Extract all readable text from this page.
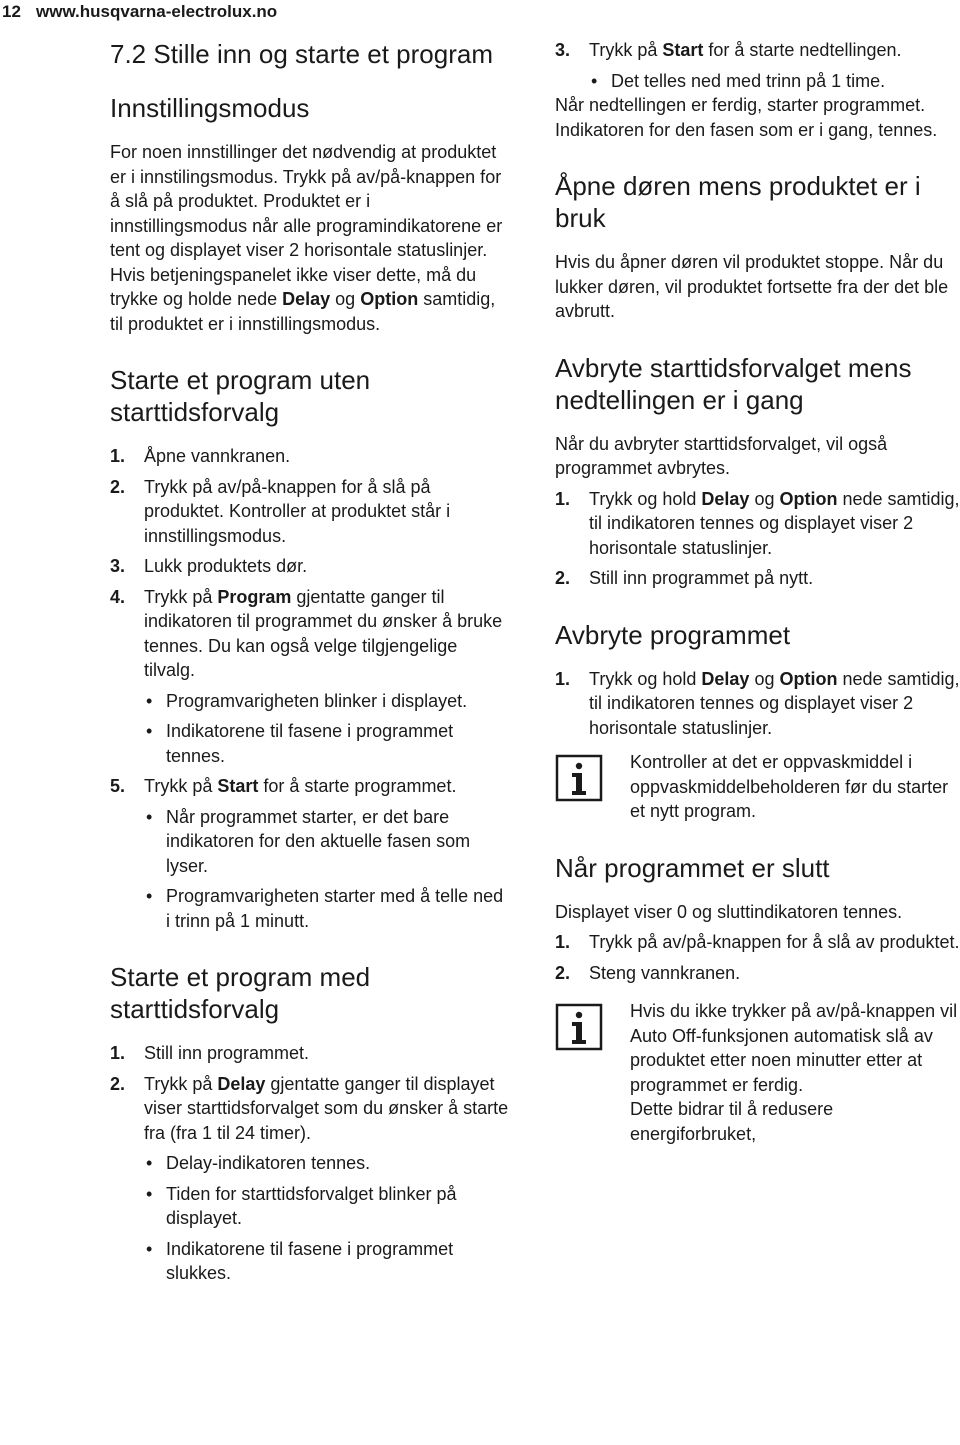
12 www.husqvarna-electrolux.no
7.2 Stille inn og starte et program
Innstillingsmodus

For noen innstillinger det nødvendig at produktet er i innstilingsmodus. Trykk på av/på-knappen for å slå på produktet. Produktet er i innstillingsmodus når alle programindikatorene er tent og displayet viser 2 horisontale statuslinjer. Hvis betjeningspanelet ikke viser dette, må du trykke og holde nede Delay og Option samtidig, til produktet er i innstillingsmodus.

Starte et program uten starttidsforvalg
1. Åpne vannkranen.
2. Trykk på av/på-knappen for å slå på produktet. Kontroller at produktet står i innstillingsmodus.
3. Lukk produktets dør.
4. Trykk på Program gjentatte ganger til indikatoren til programmet du ønsker å bruke tennes. Du kan også velge tilgjengelige tilvalg.
• Programvarigheten blinker i displayet.
• Indikatorene til fasene i programmet tennes.
5. Trykk på Start for å starte programmet.
• Når programmet starter, er det bare indikatoren for den aktuelle fasen som lyser.
• Programvarigheten starter med å telle ned i trinn på 1 minutt.
Starte et program med starttidsforvalg
1. Still inn programmet.
2. Trykk på Delay gjentatte ganger til displayet viser starttidsforvalget som du ønsker å starte fra (fra 1 til 24 timer).
• Delay-indikatoren tennes.
• Tiden for starttidsforvalget blinker på displayet.
• Indikatorene til fasene i programmet slukkes.
3. Trykk på Start for å starte nedtellingen.
• Det telles ned med trinn på 1 time.

Når nedtellingen er ferdig, starter programmet. Indikatoren for den fasen som er i gang, tennes.

Åpne døren mens produktet er i bruk

Hvis du åpner døren vil produktet stoppe. Når du lukker døren, vil produktet fortsette fra der det ble avbrutt.

Avbryte starttidsforvalget mens nedtellingen er i gang

Når du avbryter starttidsforvalget, vil også programmet avbrytes.

1. Trykk og hold Delay og Option nede samtidig, til indikatoren tennes og displayet viser 2 horisontale statuslinjer.
2. Still inn programmet på nytt.
Avbryte programmet
1. Trykk og hold Delay og Option nede samtidig, til indikatoren tennes og displayet viser 2 horisontale statuslinjer.
Kontroller at det er oppvaskmiddel i oppvaskmiddelbeholderen før du starter et nytt program.
Når programmet er slutt

Displayet viser 0 og sluttindikatoren tennes.

1. Trykk på av/på-knappen for å slå av produktet.
2. Steng vannkranen.
Hvis du ikke trykker på av/på-knappen vil Auto Off-funksjonen automatisk slå av produktet etter noen minutter etter at programmet er ferdig.
Dette bidrar til å redusere energiforbruket,
